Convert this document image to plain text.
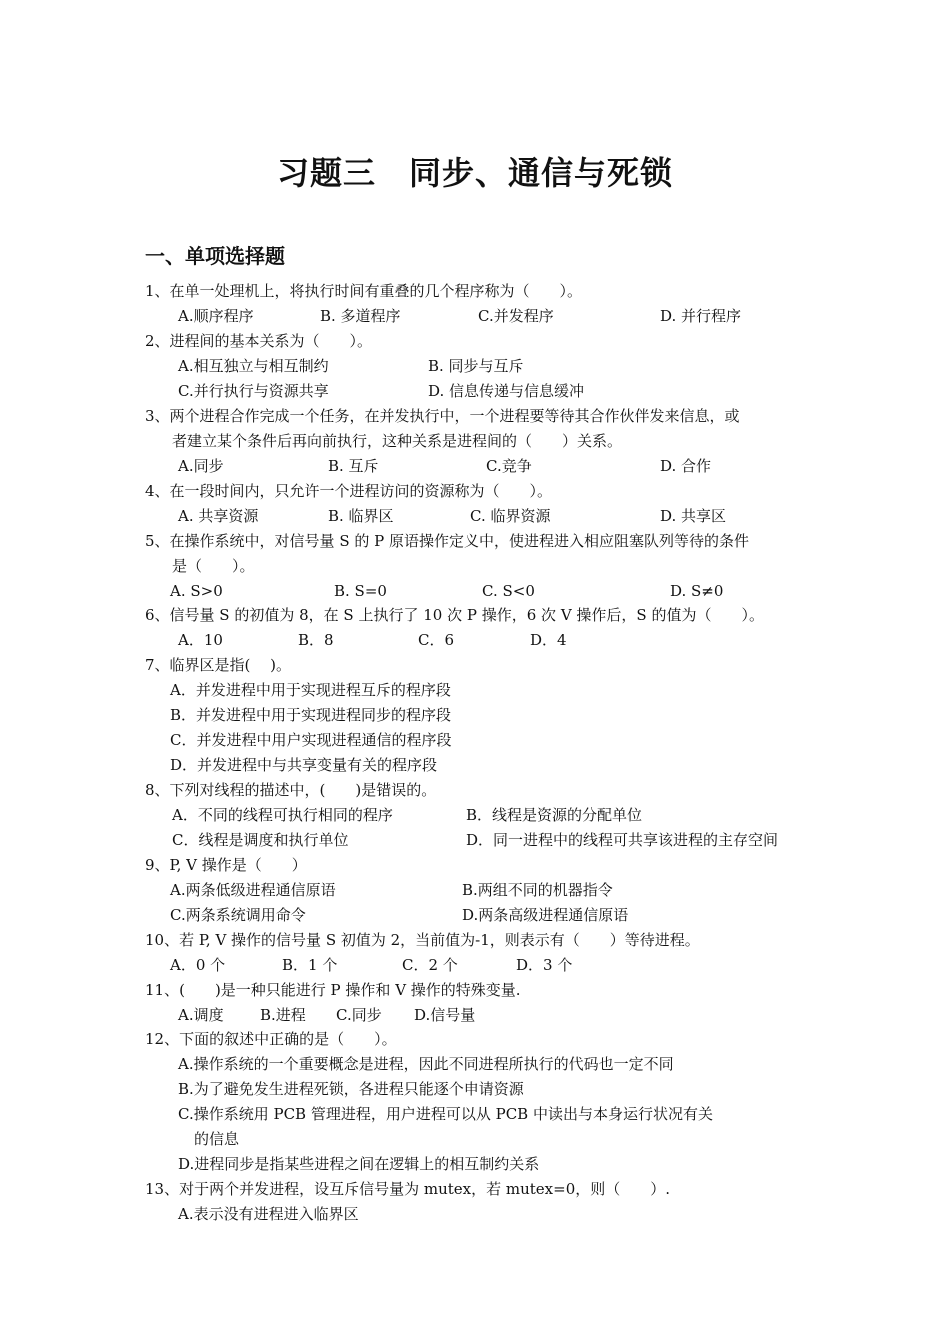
习题三　同步、通信与死锁
一、单项选择题
1、在单一处理机上，将执行时间有重叠的几个程序称为（　　）。
A.顺序程序	B. 多道程序	C.并发程序	D. 并行程序
2、进程间的基本关系为（　　）。
A.相互独立与相互制约	B. 同步与互斥
C.并行执行与资源共享	D. 信息传递与信息缓冲
3、两个进程合作完成一个任务，在并发执行中，一个进程要等待其合作伙伴发来信息，或
者建立某个条件后再向前执行，这种关系是进程间的（　　）关系。
A.同步	B. 互斥	C.竞争	D. 合作
4、在一段时间内，只允许一个进程访问的资源称为（　　）。
A. 共享资源	B. 临界区	C. 临界资源	D. 共享区
5、在操作系统中，对信号量 S 的 P 原语操作定义中，使进程进入相应阻塞队列等待的条件
是（　　）。
A. S>0	B. S=0	C. S<0	D. S≠0
6、信号量 S 的初值为 8，在 S 上执行了 10 次 P 操作，6 次 V 操作后，S 的值为（　　）。
A．10	B．8	C．6	D．4
7、临界区是指(　 )。
A．并发进程中用于实现进程互斥的程序段
B．并发进程中用于实现进程同步的程序段
C．并发进程中用户实现进程通信的程序段
D．并发进程中与共享变量有关的程序段
8、下列对线程的描述中，(　　)是错误的。
A．不同的线程可执行相同的程序	B．线程是资源的分配单位
C．线程是调度和执行单位	D．同一进程中的线程可共享该进程的主存空间
9、P, V 操作是（　　）
A.两条低级进程通信原语	B.两组不同的机器指令
C.两条系统调用命令	D.两条高级进程通信原语
10、若 P, V 操作的信号量 S 初值为 2，当前值为-1，则表示有（　　）等待进程。
A．0 个	B．1 个	C．2 个	D．3 个
11、(　　)是一种只能进行 P 操作和 V 操作的特殊变量.
A.调度 B.进程 C.同步 D.信号量
12、下面的叙述中正确的是（　　）。
A.操作系统的一个重要概念是进程，因此不同进程所执行的代码也一定不同
B.为了避免发生进程死锁，各进程只能逐个申请资源
C.操作系统用 PCB 管理进程，用户进程可以从 PCB 中读出与本身运行状况有关
的信息
D.进程同步是指某些进程之间在逻辑上的相互制约关系
13、对于两个并发进程，设互斥信号量为 mutex，若 mutex=0，则（　　）.
A.表示没有进程进入临界区
